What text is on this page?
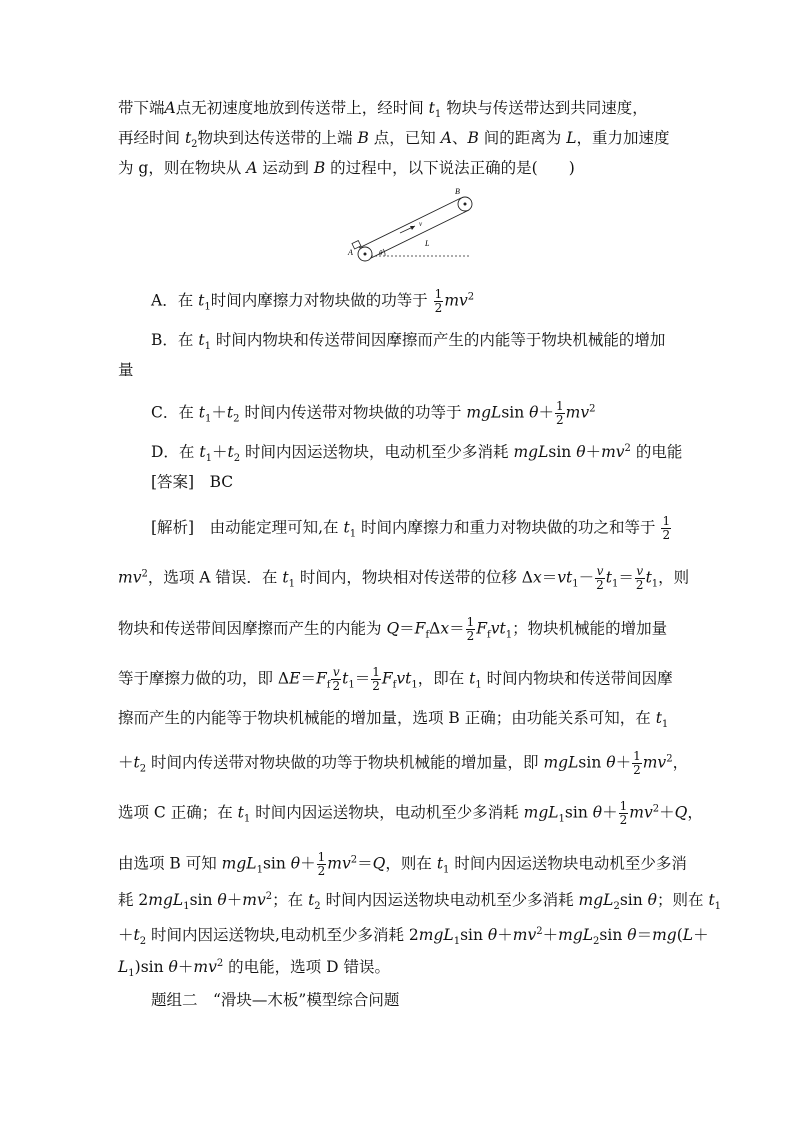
带下端A点无初速度地放到传送带上，经时间 $t_1$ 物块与传送带达到共同速度，
再经时间 $t_2$物块到达传送带的上端 B 点，已知 A、B 间的距离为 L，重力加速度
为 g，则在物块从 A 运动到 B 的过程中，以下说法正确的是(　　)
A
B
v
L
θ
A．在 $t_1$时间内摩擦力对物块做的功等于 $\frac{1}{2} mv^2$
B．在 $t_1$ 时间内物块和传送带间因摩擦而产生的内能等于物块机械能的增加
量
C．在 $t_1+t_2$ 时间内传送带对物块做的功等于 mgLsin $\theta+ \frac{1}{2} mv^2$
D．在 $t_1+t_2$ 时间内因运送物块，电动机至少多消耗 mgLsin $\theta+mv^2$ 的电能
[答案]　 BC
[解析]　由动能定理可知,在 $t_1$ 时间内摩擦力和重力对物块做的功之和等于 $\frac{1}{2}$
$mv^2$，选项 A 错误．在 $t_1$ 时间内，物块相对传送带的位移 $\Delta x=vt_1- \frac{v}{2} t_1= \frac{v}{2} t_1$，则
物块和传送带间因摩擦而产生的内能为 $Q=F_f\Delta x= \frac{1}{2} F_fvt_1$；物块机械能的增加量
等于摩擦力做的功，即 $\Delta E=F_f \frac{v}{2} t_1= \frac{1}{2} F_fvt_1$，即在 $t_1$ 时间内物块和传送带间因摩
擦而产生的内能等于物块机械能的增加量，选项 B 正确；由功能关系可知，在 $t_1$
$+t_2$ 时间内传送带对物块做的功等于物块机械能的增加量，即 mgLsin $\theta+ \frac{1}{2} mv^2$，
选项 C 正确；在 $t_1$ 时间内因运送物块，电动机至少多消耗 mgL$_1$sin $\theta+ \frac{1}{2} mv^2+Q$，
由选项 B 可知 mgL$_1$sin $\theta+ \frac{1}{2} mv^2=Q$，则在 $t_1$ 时间内因运送物块电动机至少多消
耗 2mgL$_1$sin $\theta+mv^2$；在 $t_2$ 时间内因运送物块电动机至少多消耗 mgL$_2$sin θ；则在 $t_1$
$+t_2$ 时间内因运送物块,电动机至少多消耗 2mgL$_1$sin $\theta+mv^2+mgL_2\sin$ θ＝mg(L＋
$L_1)\sin$ $\theta+mv^2$ 的电能，选项 D 错误。
题组二　“滑块—木板”模型综合问题
